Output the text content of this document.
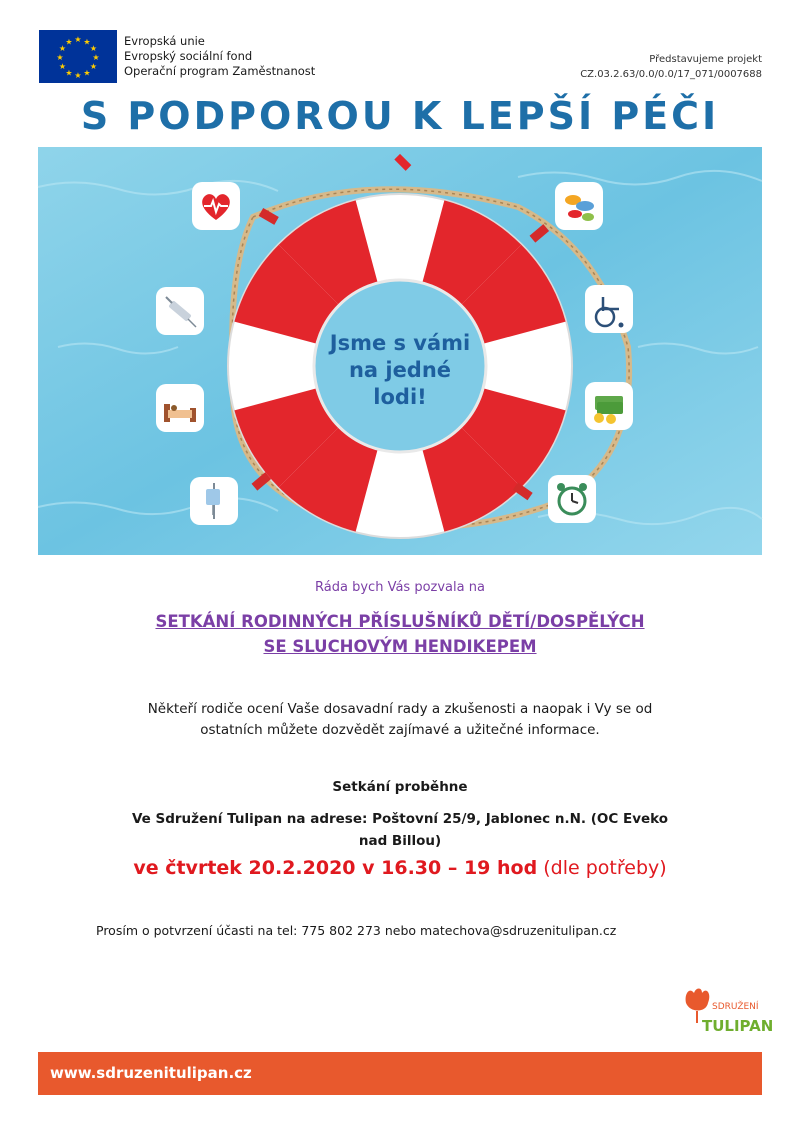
★ ★
★
★
★
★
★
★
★
★
★
★	Evropská unie
Evropský sociální fond
Operační program Zaměstnanost
Představujeme projekt
CZ.03.2.63/0.0/0.0/17_071/0007688
S PODPOROU K LEPŠÍ PÉČI
Jsme s vámi
na jedné
lodi!
Ráda bych Vás pozvala na
SETKÁNÍ RODINNÝCH PŘÍSLUŠNÍKŮ DĚTÍ/DOSPĚLÝCH
SE SLUCHOVÝM HENDIKEPEM
Někteří rodiče ocení Vaše dosavadní rady a zkušenosti a naopak i Vy se od
ostatních můžete dozvědět zajímavé a užitečné informace.
Setkání proběhne
Ve Sdružení Tulipan na adrese: Poštovní 25/9, Jablonec n.N. (OC Eveko
nad Billou)
ve čtvrtek 20.2.2020 v 16.30 – 19 hod (dle potřeby)
Prosím o potvrzení účasti na tel: 775 802 273 nebo matechova@sdruzenitulipan.cz
SDRUŽENÍ
TULIPAN
www.sdruzenitulipan.cz
